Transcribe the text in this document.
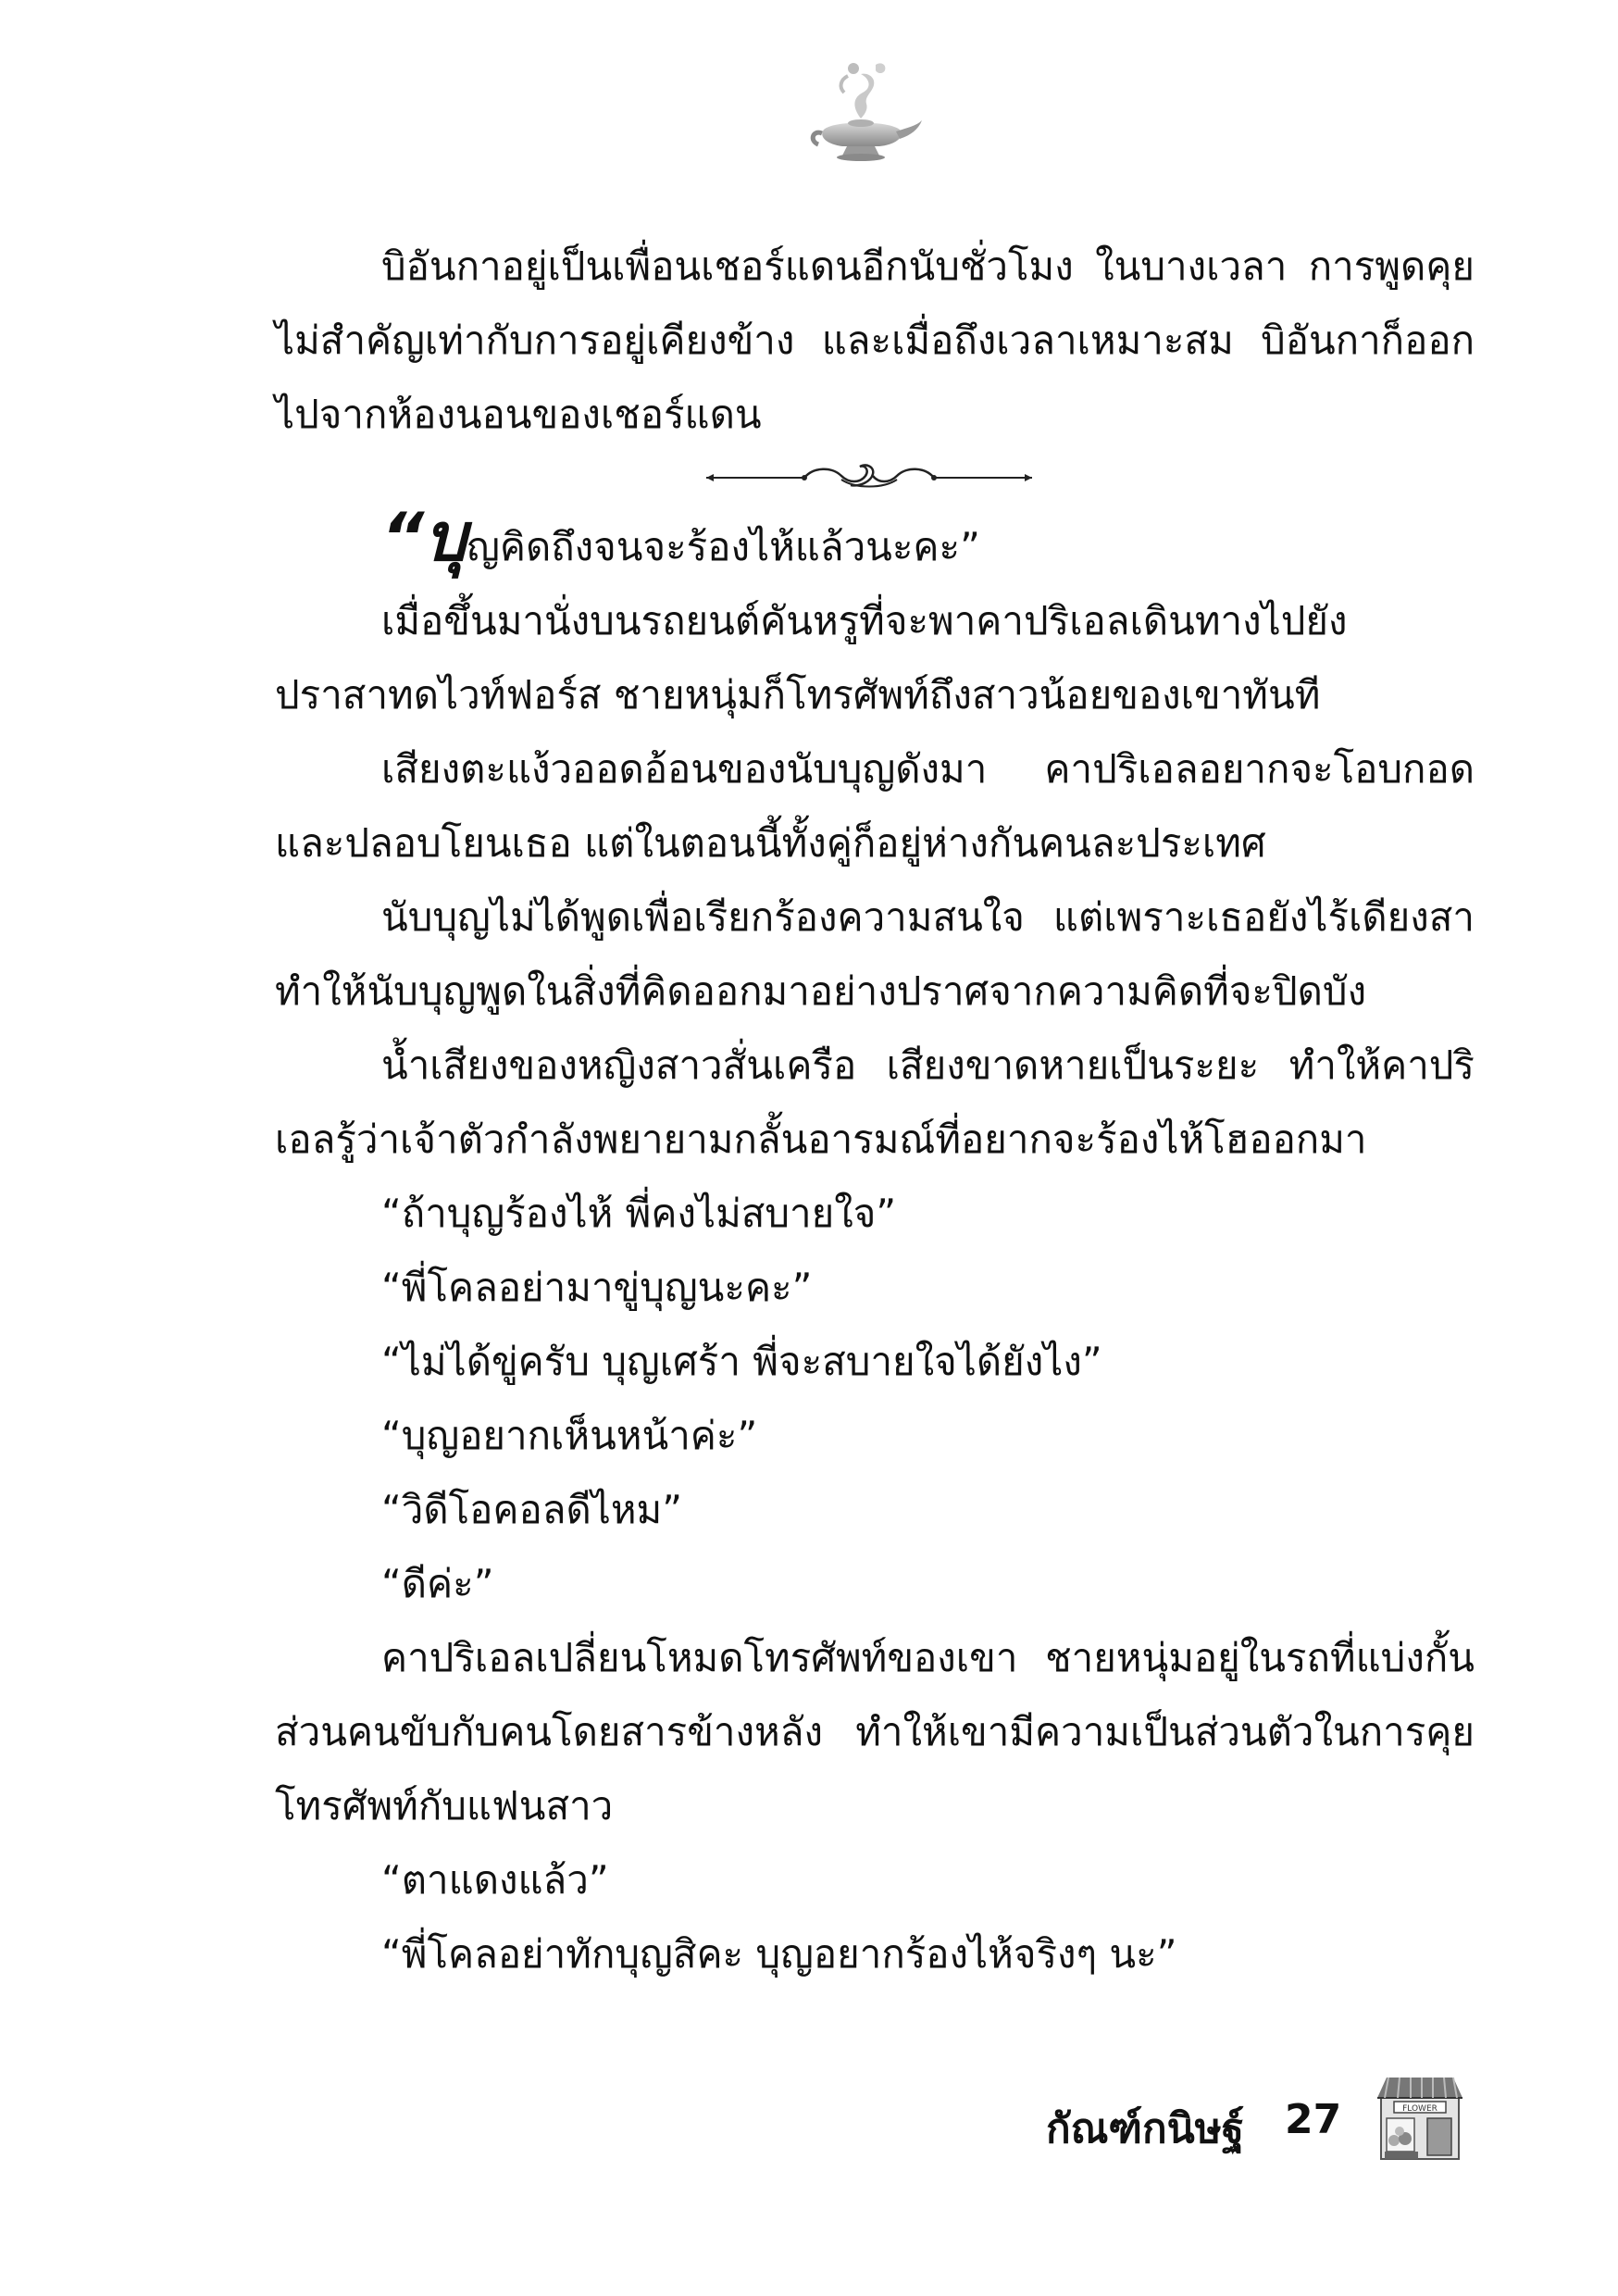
บิอันกาอยู่เป็นเพื่อนเชอร์แดนอีกนับชั่วโมง ในบางเวลา การพูดคุยไม่สำคัญเท่ากับการอยู่เคียงข้าง และเมื่อถึงเวลาเหมาะสม บิอันกาก็ออกไปจากห้องนอนของเชอร์แดน

“บุญคิดถึงจนจะร้องไห้แล้วนะคะ”

เมื่อขึ้นมานั่งบนรถยนต์คันหรูที่จะพาคาปริเอลเดินทางไปยังปราสาทดไวท์ฟอร์ส ชายหนุ่มก็โทรศัพท์ถึงสาวน้อยของเขาทันที

เสียงตะแง้วออดอ้อนของนับบุญดังมา คาปริเอลอยากจะโอบกอดและปลอบโยนเธอ แต่ในตอนนี้ทั้งคู่ก็อยู่ห่างกันคนละประเทศ

นับบุญไม่ได้พูดเพื่อเรียกร้องความสนใจ แต่เพราะเธอยังไร้เดียงสา ทำให้นับบุญพูดในสิ่งที่คิดออกมาอย่างปราศจากความคิดที่จะปิดบัง

น้ำเสียงของหญิงสาวสั่นเครือ เสียงขาดหายเป็นระยะ ทำให้คาปริเอลรู้ว่าเจ้าตัวกำลังพยายามกลั้นอารมณ์ที่อยากจะร้องไห้โฮออกมา

“ถ้าบุญร้องไห้ พี่คงไม่สบายใจ”

“พี่โคลอย่ามาขู่บุญนะคะ”

“ไม่ได้ขู่ครับ บุญเศร้า พี่จะสบายใจได้ยังไง”

“บุญอยากเห็นหน้าค่ะ”

“วิดีโอคอลดีไหม”

“ดีค่ะ”

คาปริเอลเปลี่ยนโหมดโทรศัพท์ของเขา ชายหนุ่มอยู่ในรถที่แบ่งกั้นส่วนคนขับกับคนโดยสารข้างหลัง ทำให้เขามีความเป็นส่วนตัวในการคุยโทรศัพท์กับแฟนสาว

“ตาแดงแล้ว”

“พี่โคลอย่าทักบุญสิคะ บุญอยากร้องไห้จริงๆ นะ”

กัณฑ์กนิษฐ์ 27	FLOWER
